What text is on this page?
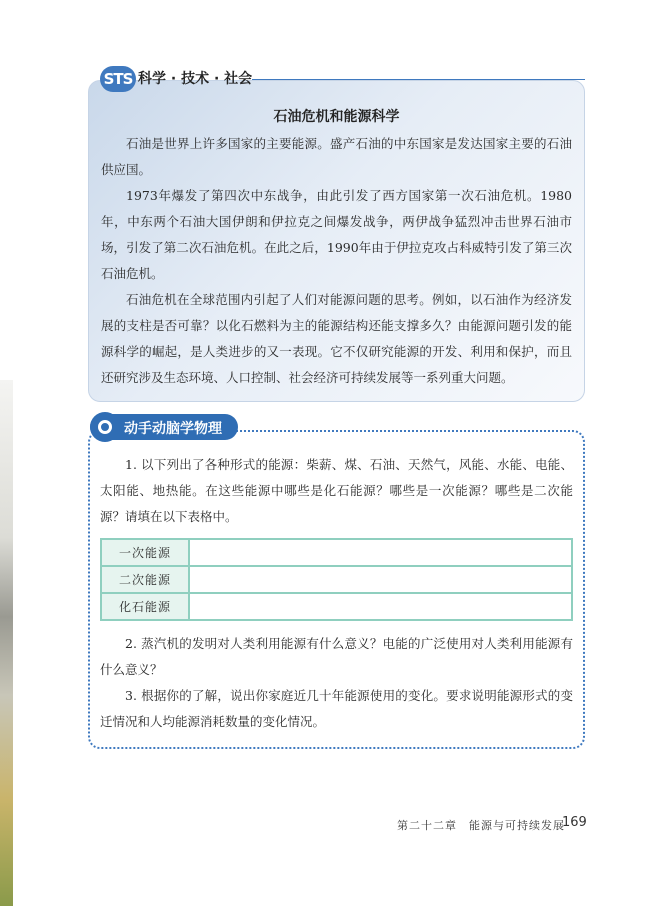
石油危机和能源科学

石油是世界上许多国家的主要能源。盛产石油的中东国家是发达国家主要的石油供应国。

1973年爆发了第四次中东战争，由此引发了西方国家第一次石油危机。1980年，中东两个石油大国伊朗和伊拉克之间爆发战争，两伊战争猛烈冲击世界石油市场，引发了第二次石油危机。在此之后，1990年由于伊拉克攻占科威特引发了第三次石油危机。

石油危机在全球范围内引起了人们对能源问题的思考。例如，以石油作为经济发展的支柱是否可靠？以化石燃料为主的能源结构还能支撑多久？由能源问题引发的能源科学的崛起，是人类进步的又一表现。它不仅研究能源的开发、利用和保护，而且还研究涉及生态环境、人口控制、社会经济可持续发展等一系列重大问题。

STS 科学 · 技术 · 社会

1. 以下列出了各种形式的能源：柴薪、煤、石油、天然气，风能、水能、电能、太阳能、地热能。在这些能源中哪些是化石能源？哪些是一次能源？哪些是二次能源？请填在以下表格中。

一次能源	
二次能源	
化石能源	

2. 蒸汽机的发明对人类利用能源有什么意义？电能的广泛使用对人类利用能源有什么意义？

3. 根据你的了解，说出你家庭近几十年能源使用的变化。要求说明能源形式的变迁情况和人均能源消耗数量的变化情况。

动手动脑学物理
第二十二章　能源与可持续发展
169
